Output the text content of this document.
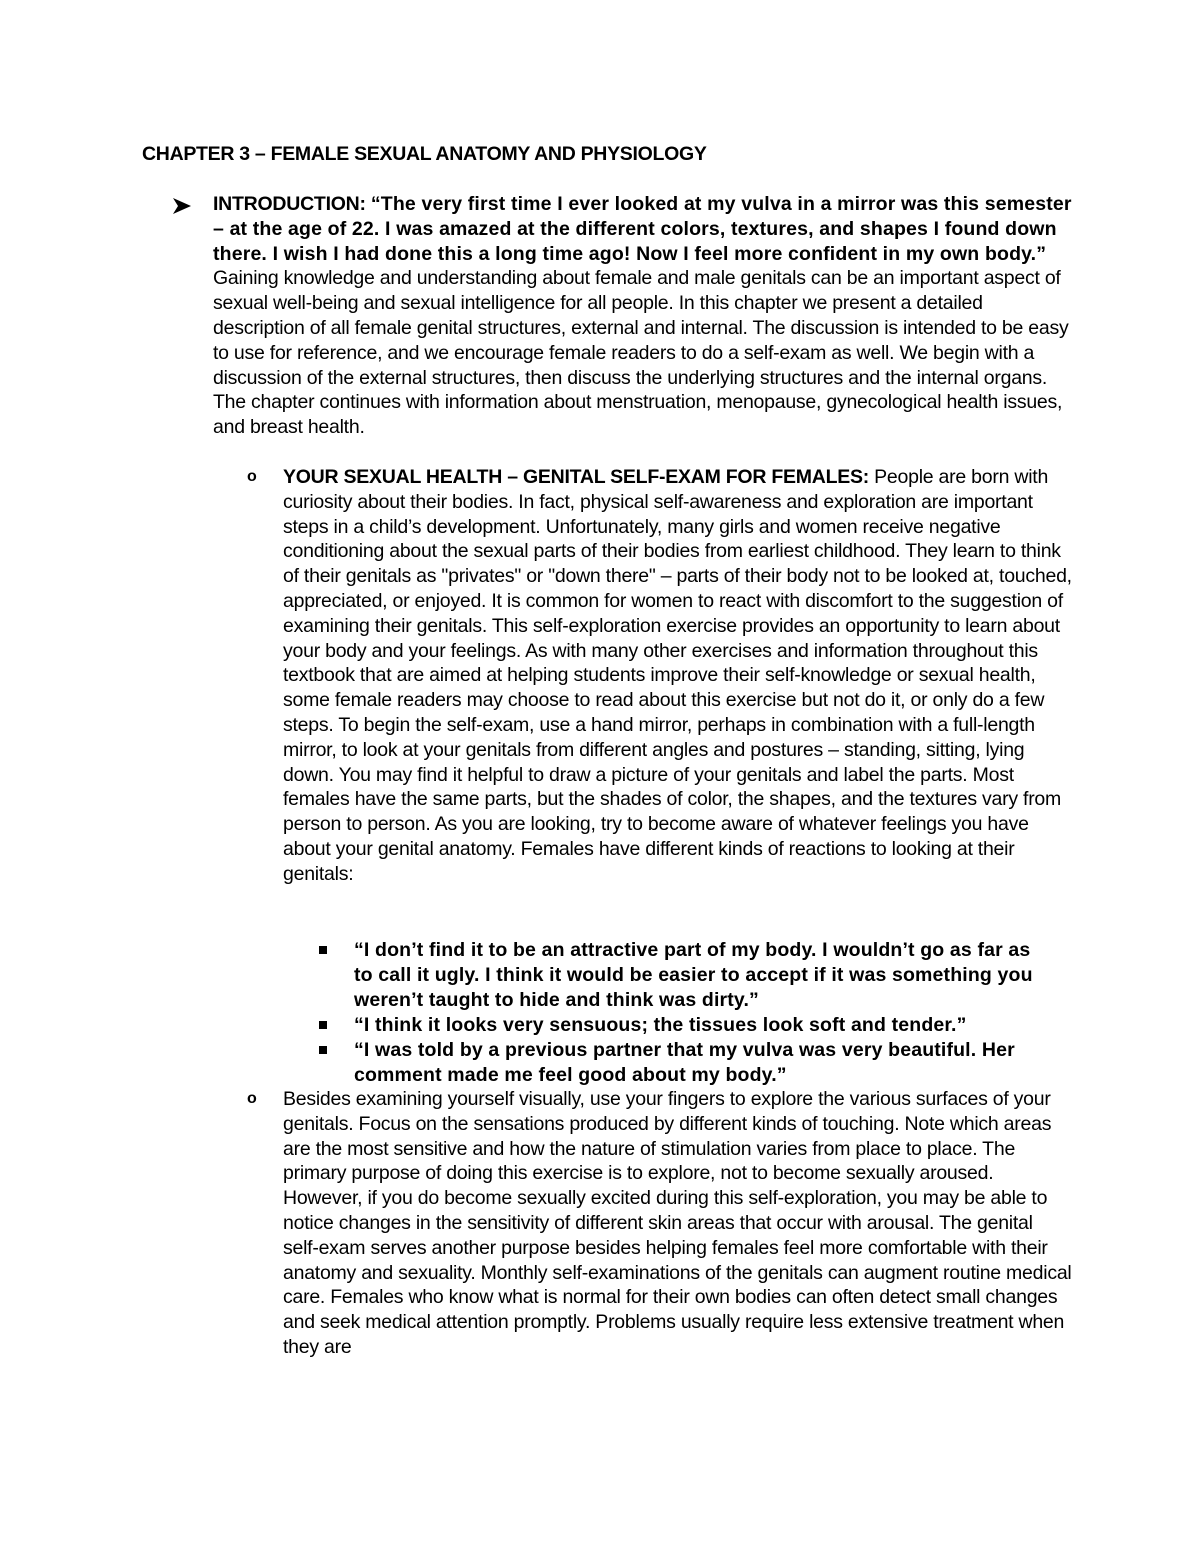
CHAPTER 3 – FEMALE SEXUAL ANATOMY AND PHYSIOLOGY
INTRODUCTION: “The very first time I ever looked at my vulva in a mirror was this semester – at the age of 22. I was amazed at the different colors, textures, and shapes I found down there. I wish I had done this a long time ago! Now I feel more confident in my own body.” Gaining knowledge and understanding about female and male genitals can be an important aspect of sexual well-being and sexual intelligence for all people. In this chapter we present a detailed description of all female genital structures, external and internal. The discussion is intended to be easy to use for reference, and we encourage female readers to do a self-exam as well. We begin with a discussion of the external structures, then discuss the underlying structures and the internal organs. The chapter continues with information about menstruation, menopause, gynecological health issues, and breast health.
o YOUR SEXUAL HEALTH – GENITAL SELF-EXAM FOR FEMALES: People are born with curiosity about their bodies. In fact, physical self-awareness and exploration are important steps in a child’s development. Unfortunately, many girls and women receive negative conditioning about the sexual parts of their bodies from earliest childhood. They learn to think of their genitals as "privates" or "down there" – parts of their body not to be looked at, touched, appreciated, or enjoyed. It is common for women to react with discomfort to the suggestion of examining their genitals. This self-exploration exercise provides an opportunity to learn about your body and your feelings. As with many other exercises and information throughout this textbook that are aimed at helping students improve their self-knowledge or sexual health, some female readers may choose to read about this exercise but not do it, or only do a few steps. To begin the self-exam, use a hand mirror, perhaps in combination with a full-length mirror, to look at your genitals from different angles and postures – standing, sitting, lying down. You may find it helpful to draw a picture of your genitals and label the parts. Most females have the same parts, but the shades of color, the shapes, and the textures vary from person to person. As you are looking, try to become aware of whatever feelings you have about your genital anatomy. Females have different kinds of reactions to looking at their genitals:
“I don’t find it to be an attractive part of my body. I wouldn’t go as far as to call it ugly. I think it would be easier to accept if it was something you weren’t taught to hide and think was dirty.”
“I think it looks very sensuous; the tissues look soft and tender.”
“I was told by a previous partner that my vulva was very beautiful. Her comment made me feel good about my body.”
o Besides examining yourself visually, use your fingers to explore the various surfaces of your genitals. Focus on the sensations produced by different kinds of touching. Note which areas are the most sensitive and how the nature of stimulation varies from place to place. The primary purpose of doing this exercise is to explore, not to become sexually aroused. However, if you do become sexually excited during this self-exploration, you may be able to notice changes in the sensitivity of different skin areas that occur with arousal. The genital self-exam serves another purpose besides helping females feel more comfortable with their anatomy and sexuality. Monthly self-examinations of the genitals can augment routine medical care. Females who know what is normal for their own bodies can often detect small changes and seek medical attention promptly. Problems usually require less extensive treatment when they are
